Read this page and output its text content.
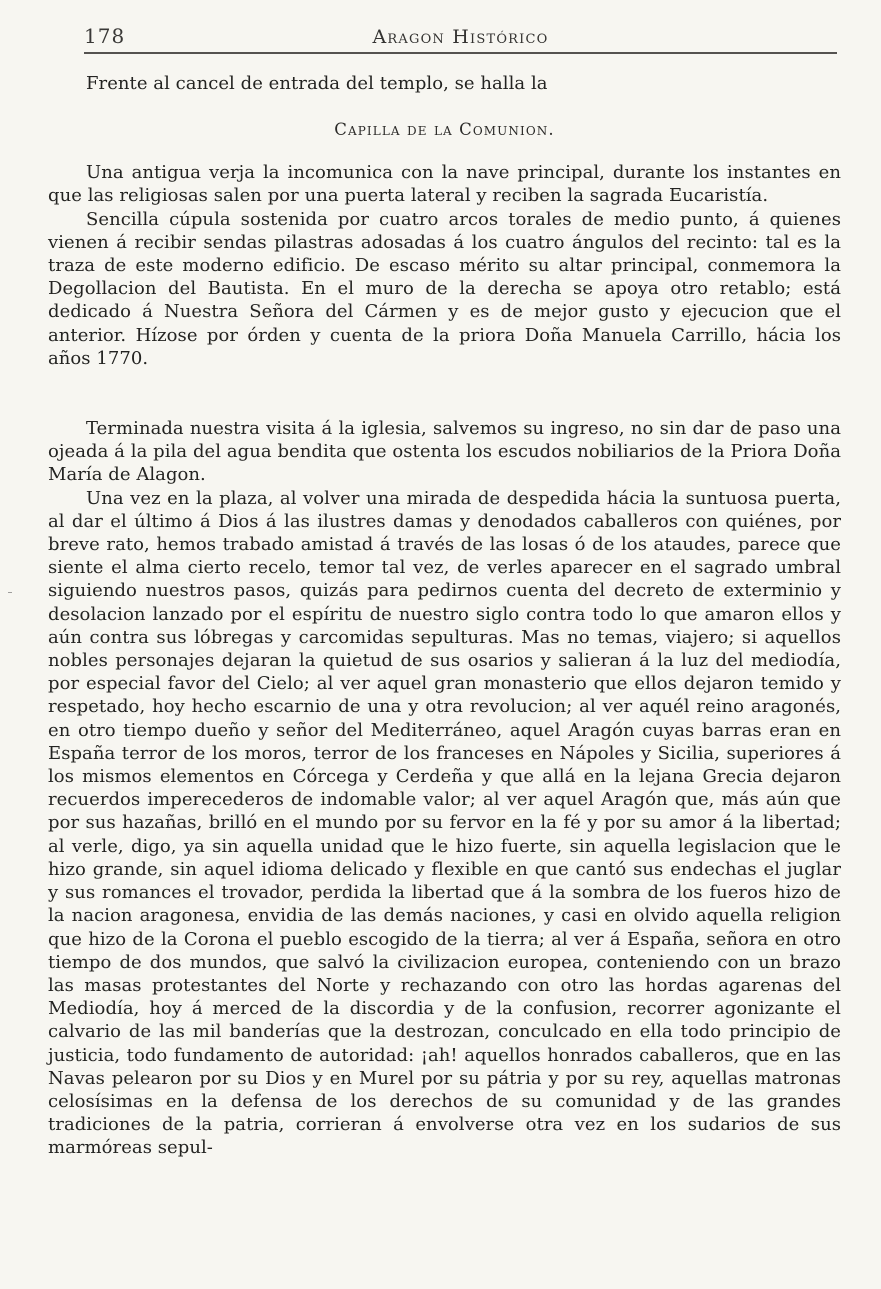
178	Aragon Histórico

Frente al cancel de entrada del templo, se halla la

Capilla de la Comunion.

Una antigua verja la incomunica con la nave principal, durante los instantes en que las religiosas salen por una puerta lateral y reciben la sagrada Eucaristía.

Sencilla cúpula sostenida por cuatro arcos torales de medio punto, á quienes vienen á recibir sendas pilastras adosadas á los cuatro ángulos del recinto: tal es la traza de este moderno edificio. De escaso mérito su altar principal, conmemora la Degollacion del Bautista. En el muro de la derecha se apoya otro retablo; está dedicado á Nuestra Señora del Cármen y es de mejor gusto y ejecucion que el anterior. Hízose por órden y cuenta de la priora Doña Manuela Carrillo, hácia los años 1770.

Terminada nuestra visita á la iglesia, salvemos su ingreso, no sin dar de paso una ojeada á la pila del agua bendita que ostenta los escudos nobiliarios de la Priora Doña María de Alagon.

Una vez en la plaza, al volver una mirada de despedida hácia la suntuosa puerta, al dar el último á Dios á las ilustres damas y denodados caballeros con quiénes, por breve rato, hemos trabado amistad á través de las losas ó de los ataudes, parece que siente el alma cierto recelo, temor tal vez, de verles aparecer en el sagrado umbral siguiendo nuestros pasos, quizás para pedirnos cuenta del decreto de exterminio y desolacion lanzado por el espíritu de nuestro siglo contra todo lo que amaron ellos y aún contra sus lóbregas y carcomidas sepulturas. Mas no temas, viajero; si aquellos nobles personajes dejaran la quietud de sus osarios y salieran á la luz del mediodía, por especial favor del Cielo; al ver aquel gran monasterio que ellos dejaron temido y respetado, hoy hecho escarnio de una y otra revolucion; al ver aquél reino aragonés, en otro tiempo dueño y señor del Mediterráneo, aquel Aragón cuyas barras eran en España terror de los moros, terror de los franceses en Nápoles y Sicilia, superiores á los mismos elementos en Córcega y Cerdeña y que allá en la lejana Grecia dejaron recuerdos imperecederos de indomable valor; al ver aquel Aragón que, más aún que por sus hazañas, brilló en el mundo por su fervor en la fé y por su amor á la libertad; al verle, digo, ya sin aquella unidad que le hizo fuerte, sin aquella legislacion que le hizo grande, sin aquel idioma delicado y flexible en que cantó sus endechas el juglar y sus romances el trovador, perdida la libertad que á la sombra de los fueros hizo de la nacion aragonesa, envidia de las demás naciones, y casi en olvido aquella religion que hizo de la Corona el pueblo escogido de la tierra; al ver á España, señora en otro tiempo de dos mundos, que salvó la civilizacion europea, conteniendo con un brazo las masas protestantes del Norte y rechazando con otro las hordas agarenas del Mediodía, hoy á merced de la discordia y de la confusion, recorrer agonizante el calvario de las mil banderías que la destrozan, conculcado en ella todo principio de justicia, todo fundamento de autoridad: ¡ah! aquellos honrados caballeros, que en las Navas pelearon por su Dios y en Murel por su pátria y por su rey, aquellas matronas celosísimas en la defensa de los derechos de su comunidad y de las grandes tradiciones de la patria, corrieran á envolverse otra vez en los sudarios de sus marmóreas sepul-
